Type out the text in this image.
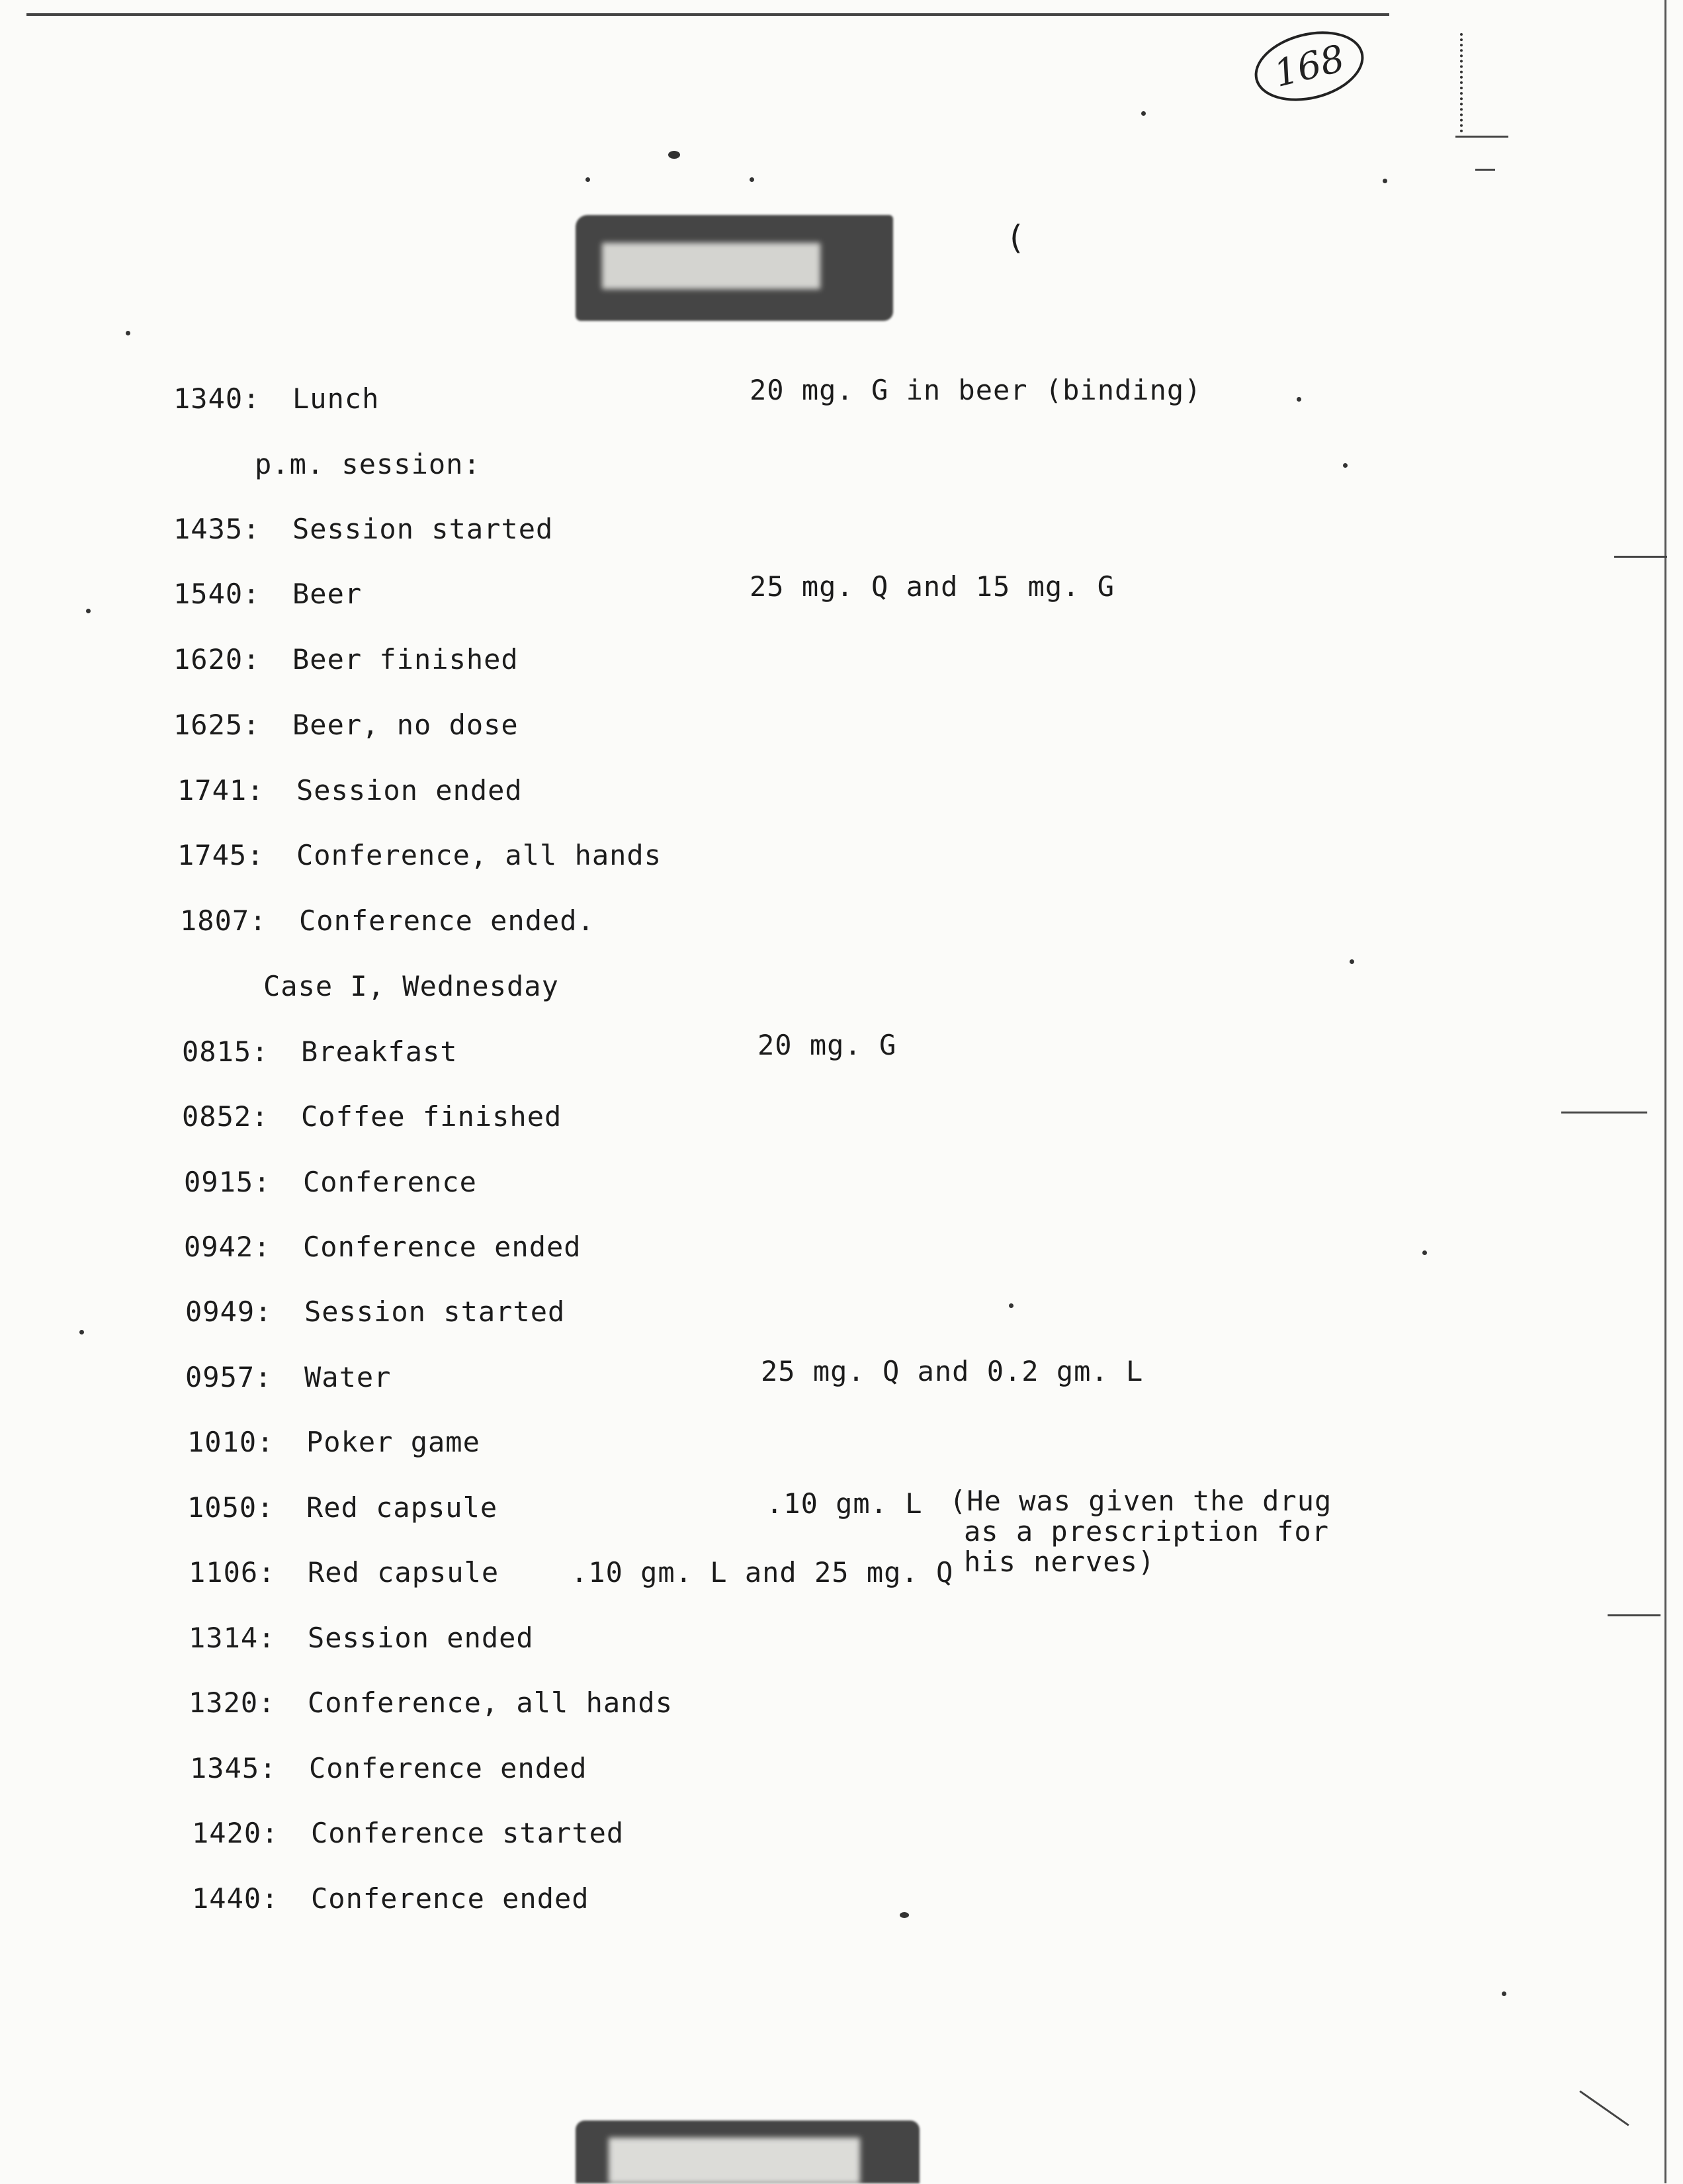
168
(
1340: Lunch
1435: Session started
1540: Beer
1620: Beer finished
1625: Beer, no dose
1741: Session ended
1745: Conference, all hands
1807: Conference ended.
0815: Breakfast
0852: Coffee finished
0915: Conference
0942: Conference ended
0949: Session started
0957: Water
1010: Poker game
1050: Red capsule
1106: Red capsule
1314: Session ended
1320: Conference, all hands
1345: Conference ended
1420: Conference started
1440: Conference ended
p.m. session:
Case I, Wednesday
20 mg. G in beer (binding)
25 mg. Q and 15 mg. G
20 mg. G
25 mg. Q and 0.2 gm. L
.10 gm. L
.10 gm. L and 25 mg. Q
(He was given the drug
as a prescription for
his nerves)
